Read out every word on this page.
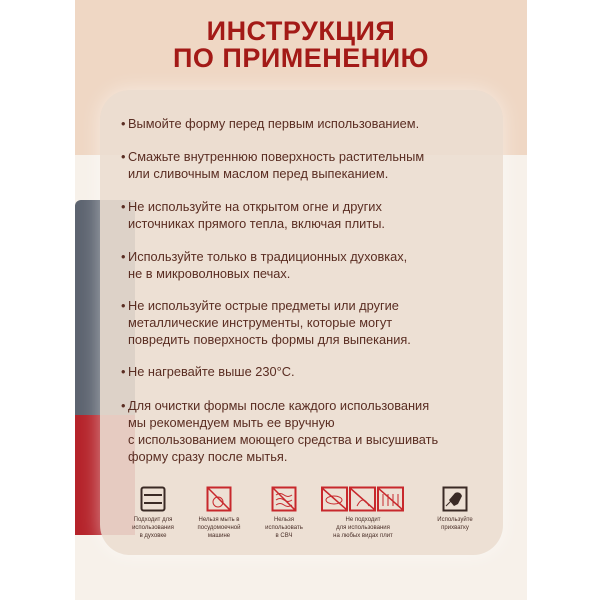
ИНСТРУКЦИЯ
ПО ПРИМЕНЕНИЮ
• Вымойте форму перед первым использованием.
• Смажьте внутреннюю поверхность растительным
или сливочным маслом перед выпеканием.
• Не используйте на открытом огне и других
источниках прямого тепла, включая плиты.
• Используйте только в традиционных духовках,
не в микроволновых печах.
• Не используйте острые предметы или другие
металлические инструменты, которые могут
повредить поверхность формы для выпекания.
• Не нагревайте выше 230°С.
• Для очистки формы после каждого использования
мы рекомендуем мыть ее вручную
с использованием моющего средства и высушивать
форму сразу после мытья.
Подходит для
использования
в духовке
Нельзя мыть в
посудомоечной
машине
Нельзя
использовать
в СВЧ
Не подходит
для использования
на любых видах плит
Используйте
прихватку
